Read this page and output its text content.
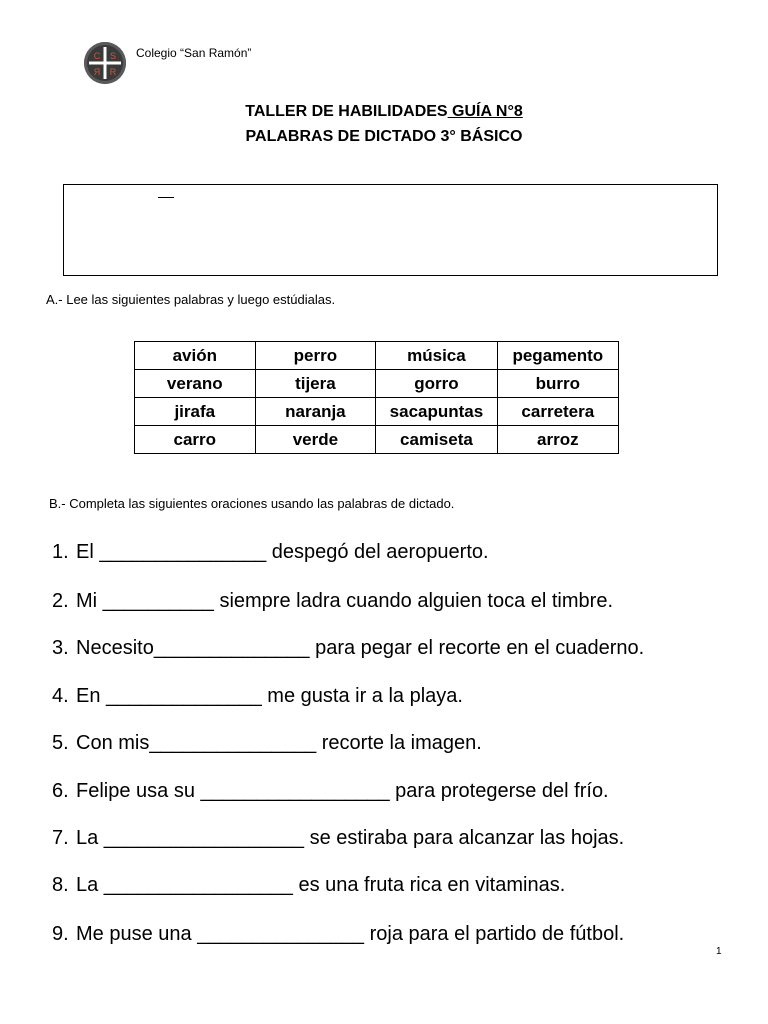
C S
Я R
Colegio “San Ramón”
TALLER DE HABILIDADES GUÍA N°8
PALABRAS DE DICTADO 3° BÁSICO
A.- Lee las siguientes palabras y luego estúdialas.
avión	perro	música	pegamento
verano	tijera	gorro	burro
jirafa	naranja	sacapuntas	carretera
carro	verde	camiseta	arroz
B.- Completa las siguientes oraciones usando las palabras de dictado.
1. El _______________ despegó del aeropuerto.
2. Mi __________ siempre ladra cuando alguien toca el timbre.
3. Necesito______________ para pegar el recorte en el cuaderno.
4. En ______________ me gusta ir a la playa.
5. Con mis_______________ recorte la imagen.
6. Felipe usa su _________________ para protegerse del frío.
7. La __________________ se estiraba para alcanzar las hojas.
8. La _________________ es una fruta rica en vitaminas.
9. Me puse una _______________ roja para el partido de fútbol.
1
